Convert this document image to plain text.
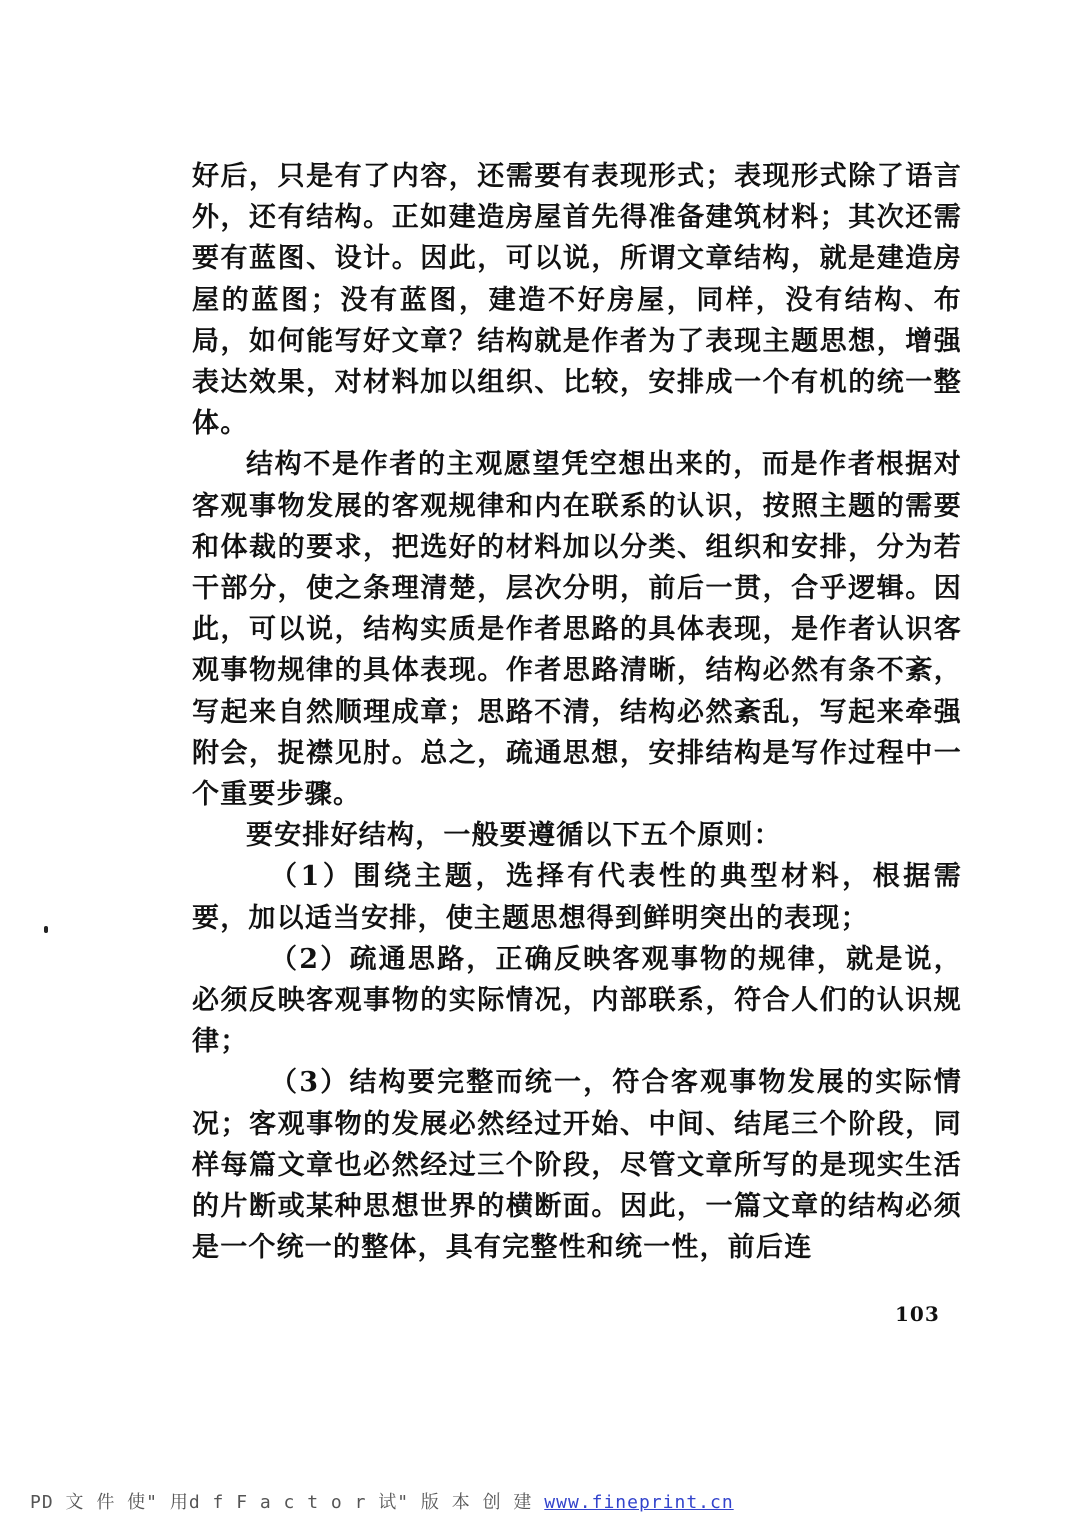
好后，只是有了内容，还需要有表现形式；表现形式除了语言外，还有结构。正如建造房屋首先得准备建筑材料；其次还需要有蓝图、设计。因此，可以说，所谓文章结构，就是建造房屋的蓝图；没有蓝图，建造不好房屋，同样，没有结构、布局，如何能写好文章？结构就是作者为了表现主题思想，增强表达效果，对材料加以组织、比较，安排成一个有机的统一整体。

结构不是作者的主观愿望凭空想出来的，而是作者根据对客观事物发展的客观规律和内在联系的认识，按照主题的需要和体裁的要求，把选好的材料加以分类、组织和安排，分为若干部分，使之条理清楚，层次分明，前后一贯，合乎逻辑。因此，可以说，结构实质是作者思路的具体表现，是作者认识客观事物规律的具体表现。作者思路清晰，结构必然有条不紊，写起来自然顺理成章；思路不清，结构必然紊乱，写起来牵强附会，捉襟见肘。总之，疏通思想，安排结构是写作过程中一个重要步骤。

要安排好结构，一般要遵循以下五个原则：

（1）围绕主题，选择有代表性的典型材料，根据需要，加以适当安排，使主题思想得到鲜明突出的表现；

（2）疏通思路，正确反映客观事物的规律，就是说，必须反映客观事物的实际情况，内部联系，符合人们的认识规律；

（3）结构要完整而统一，符合客观事物发展的实际情况；客观事物的发展必然经过开始、中间、结尾三个阶段，同样每篇文章也必然经过三个阶段，尽管文章所写的是现实生活的片断或某种思想世界的横断面。因此，一篇文章的结构必须是一个统一的整体，具有完整性和统一性，前后连

103
PD 文 件 使" 用d f F a c t o r 试" 版 本 创 建 www.fineprint.cn
